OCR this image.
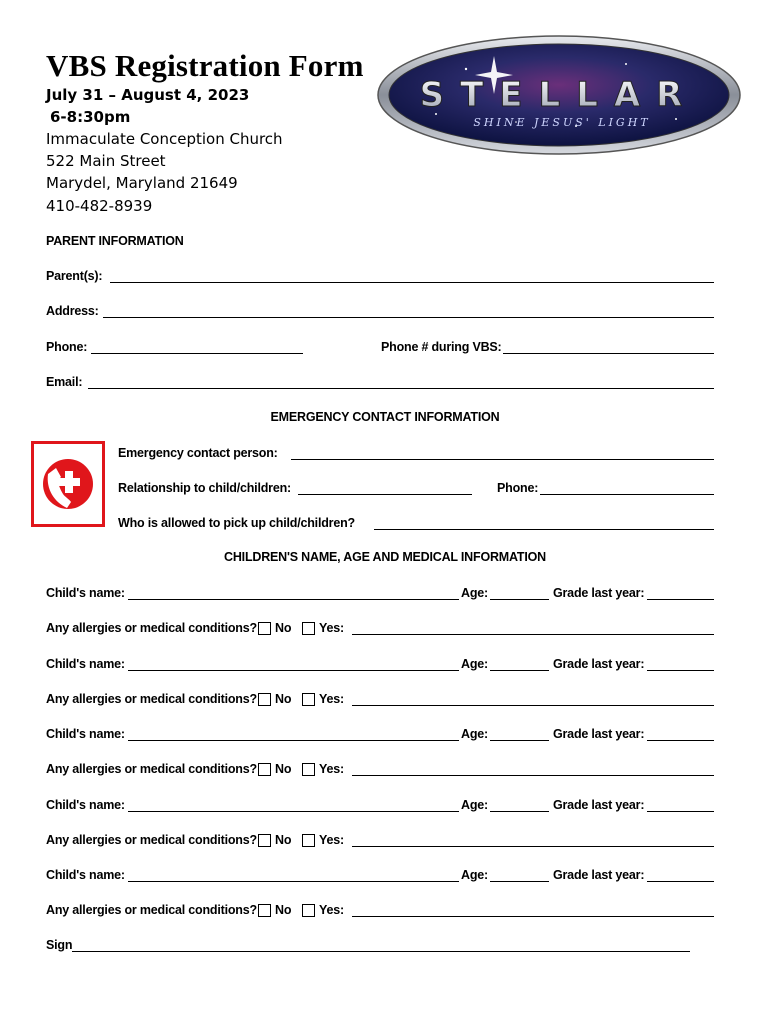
VBS Registration Form
July 31 – August 4, 2023
6-8:30pm
Immaculate Conception Church
522 Main Street
Marydel, Maryland 21649
410-482-8939
STELLAR
SHINE JESUS' LIGHT
PARENT INFORMATION
Parent(s):
Address:
Phone:	Phone # during VBS:
Email:
EMERGENCY CONTACT INFORMATION
Emergency contact person:
Relationship to child/children:	Phone:
Who is allowed to pick up child/children?
CHILDREN'S NAME, AGE AND MEDICAL INFORMATION
Child's name:	Age:	Grade last year:
Any allergies or medical conditions? No Yes:
Child's name:	Age:	Grade last year:
Any allergies or medical conditions? No Yes:
Child's name:	Age:	Grade last year:
Any allergies or medical conditions? No Yes:
Child's name:	Age:	Grade last year:
Any allergies or medical conditions? No Yes:
Child's name:	Age:	Grade last year:
Any allergies or medical conditions? No Yes:
Sign
